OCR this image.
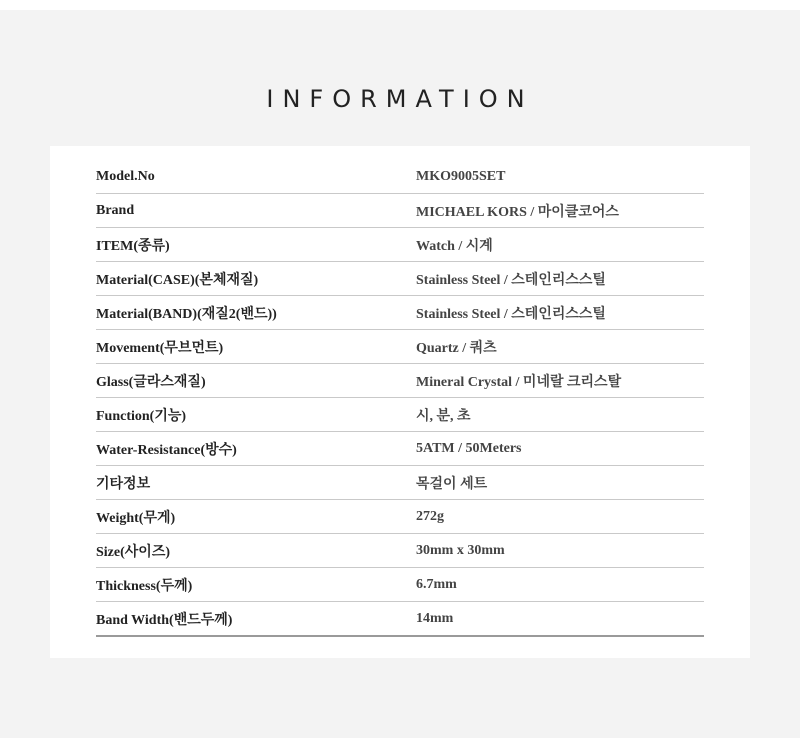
INFORMATION
Model.No	MKO9005SET
Brand	MICHAEL KORS / 마이클코어스
ITEM(종류)	Watch / 시계
Material(CASE)(본체재질)	Stainless Steel / 스테인리스스틸
Material(BAND)(재질2(밴드))	Stainless Steel / 스테인리스스틸
Movement(무브먼트)	Quartz / 쿼츠
Glass(글라스재질)	Mineral Crystal / 미네랄 크리스탈
Function(기능)	시, 분, 초
Water-Resistance(방수)	5ATM / 50Meters
기타정보	목걸이 세트
Weight(무게)	272g
Size(사이즈)	30mm x 30mm
Thickness(두께)	6.7mm
Band Width(밴드두께)	14mm
